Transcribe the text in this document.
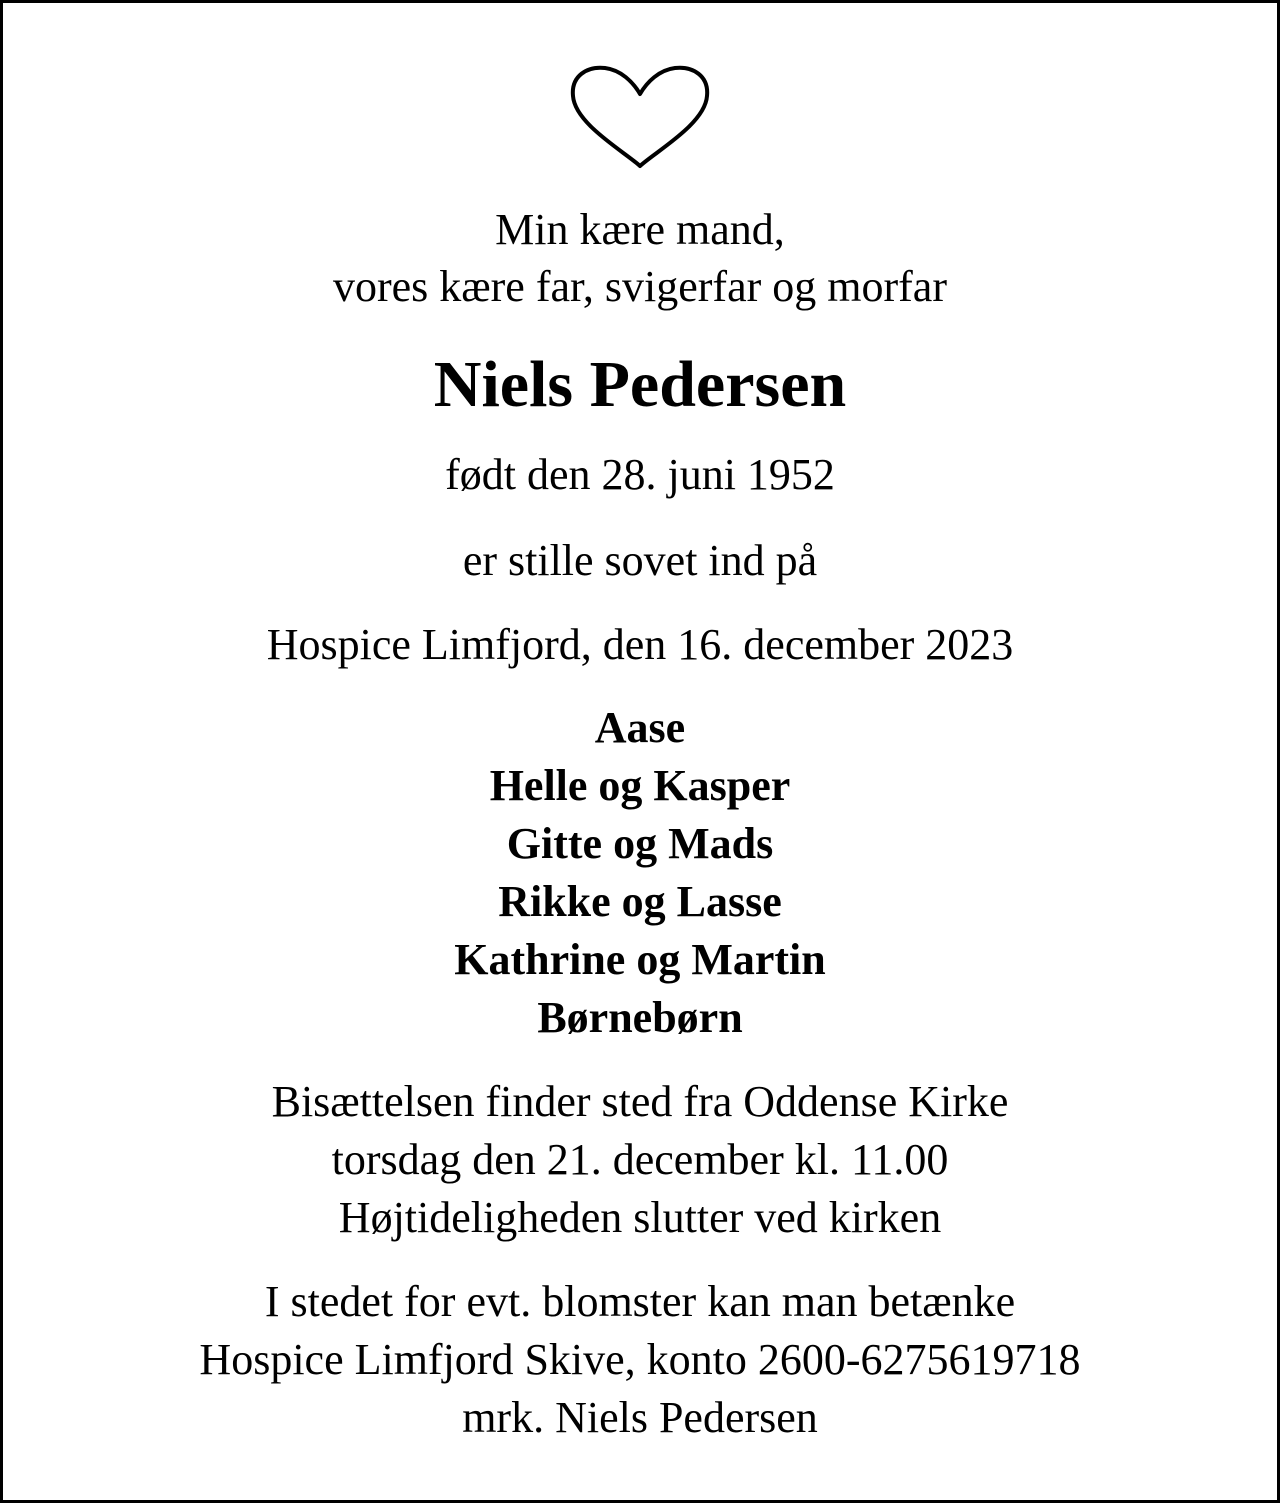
Min kære mand,
vores kære far, svigerfar og morfar
Niels Pedersen
født den 28. juni 1952
er stille sovet ind på
Hospice Limfjord, den 16. december 2023
Aase
Helle og Kasper
Gitte og Mads
Rikke og Lasse
Kathrine og Martin
Børnebørn
Bisættelsen finder sted fra Oddense Kirke
torsdag den 21. december kl. 11.00
Højtideligheden slutter ved kirken
I stedet for evt. blomster kan man betænke
Hospice Limfjord Skive, konto 2600-6275619718
mrk. Niels Pedersen
